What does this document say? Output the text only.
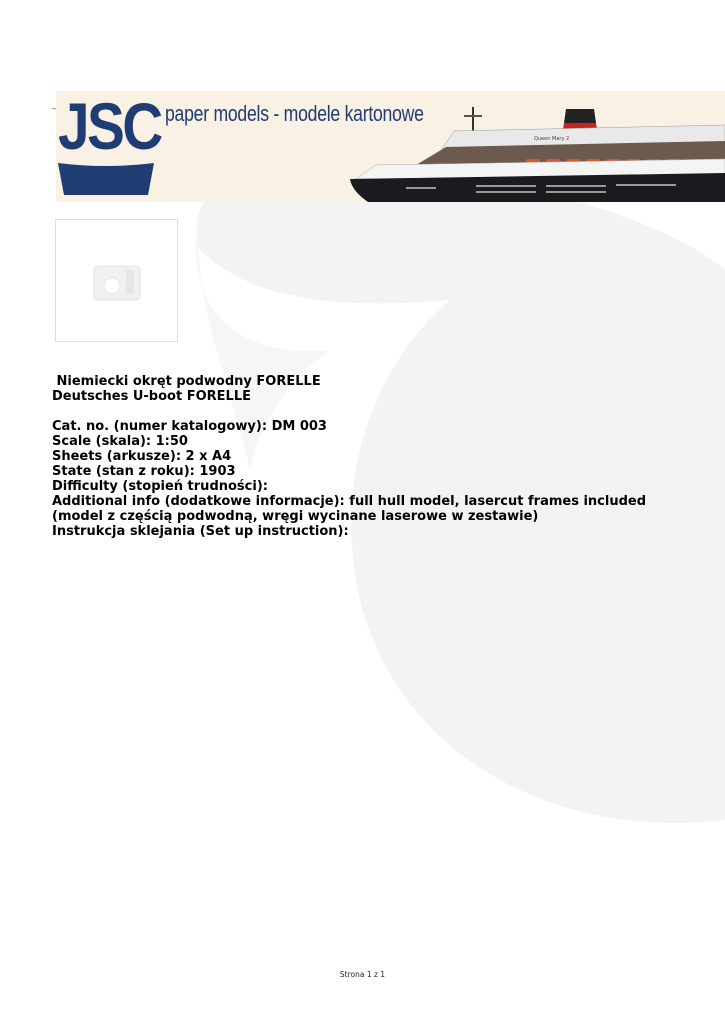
– JSC paper models - modele kartonowe
Queen Mary 2
Niemiecki okręt podwodny FORELLE
Deutsches U-boot FORELLE
Cat. no. (numer katalogowy): DM 003
Scale (skala): 1:50
Sheets (arkusze): 2 x A4
State (stan z roku): 1903
Difficulty (stopień trudności):
Additional info (dodatkowe informacje): full hull model, lasercut frames included (model z częścią podwodną, wręgi wycinane laserowe w zestawie)
Instrukcja sklejania (Set up instruction):
Strona 1 z 1
